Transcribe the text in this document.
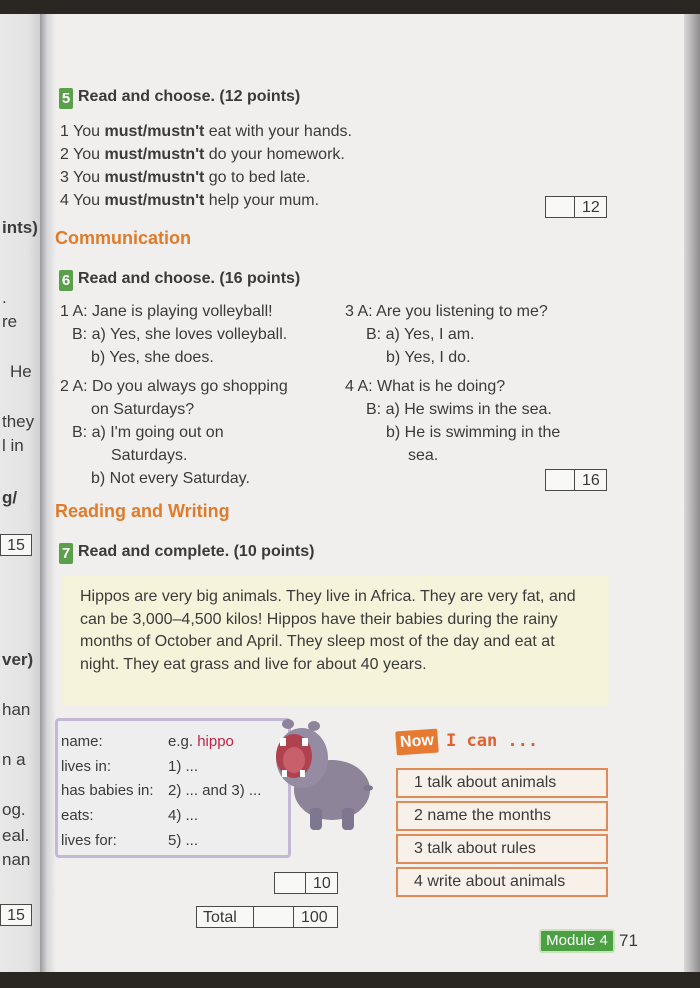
ints)
.
re
He
they
l in
g/
15
ver)
han
n a
og.
eal.
nan
15
5 Read and choose. (12 points)
1 You must/mustn't eat with your hands.
2 You must/mustn't do your homework.
3 You must/mustn't go to bed late.
4 You must/mustn't help your mum.	12
Communication
6 Read and choose. (16 points)
1 A: Jane is playing volleyball!
B: a) Yes, she loves volleyball.
b) Yes, she does.
2 A: Do you always go shopping
on Saturdays?
B: a) I'm going out on
Saturdays.
b) Not every Saturday.
3 A: Are you listening to me?
B: a) Yes, I am.
b) Yes, I do.
4 A: What is he doing?
B: a) He swims in the sea.
b) He is swimming in the
sea.
16
Reading and Writing
7 Read and complete. (10 points)

Hippos are very big animals. They live in Africa. They are very fat, and can be 3,000–4,500 kilos! Hippos have their babies during the rainy months of October and April. They sleep most of the day and eat at night. They eat grass and live for about 40 years.

name:	e.g. hippo
lives in:	1) ...
has babies in: 2) ... and 3) ...
eats:	4) ...
lives for:	5) ...
10
Total	100
Now I can ...
1 talk about animals
2 name the months
3 talk about rules
4 write about animals
Module 4 71
